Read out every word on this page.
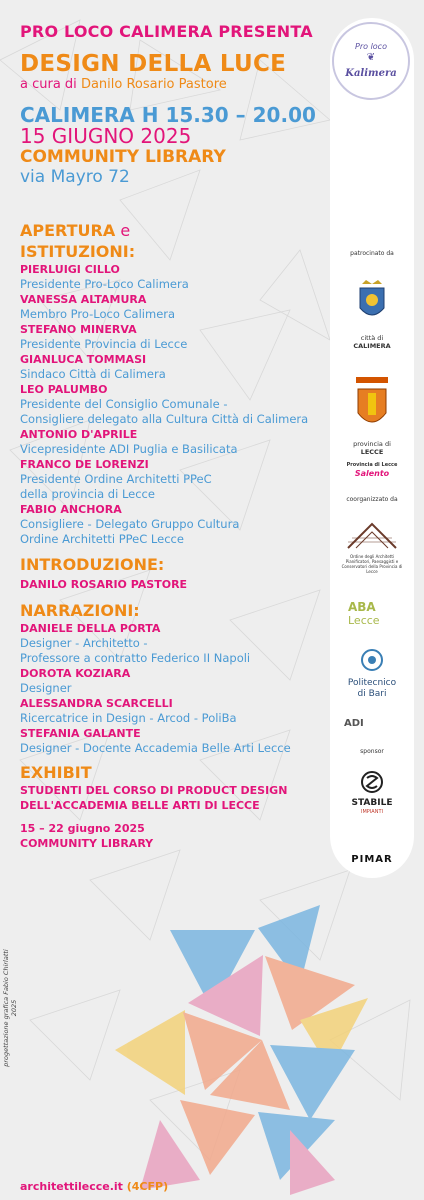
PRO LOCO CALIMERA PRESENTA
DESIGN DELLA LUCE
a cura di Danilo Rosario Pastore
CALIMERA H 15.30 – 20.00
15 GIUGNO 2025
COMMUNITY LIBRARY
via Mayro 72
APERTURA e
ISTITUZIONI:
PIERLUIGI CILLO
Presidente Pro-Loco Calimera
VANESSA ALTAMURA
Membro Pro-Loco Calimera
STEFANO MINERVA
Presidente Provincia di Lecce
GIANLUCA TOMMASI
Sindaco Città di Calimera
LEO PALUMBO
Presidente del Consiglio Comunale -
Consigliere delegato alla Cultura Città di Calimera
ANTONIO D'APRILE
Vicepresidente ADI Puglia e Basilicata
FRANCO DE LORENZI
Presidente Ordine Architetti PPeC
della provincia di Lecce
FABIO ANCHORA
Consigliere - Delegato Gruppo Cultura
Ordine Architetti PPeC Lecce
INTRODUZIONE:
DANILO ROSARIO PASTORE
NARRAZIONI:
DANIELE DELLA PORTA
Designer - Architetto -
Professore a contratto Federico II Napoli
DOROTA KOZIARA
Designer
ALESSANDRA SCARCELLI
Ricercatrice in Design - Arcod - PoliBa
STEFANIA GALANTE
Designer - Docente Accademia Belle Arti Lecce
EXHIBIT
STUDENTI DEL CORSO DI PRODUCT DESIGN
DELL'ACCADEMIA BELLE ARTI DI LECCE
15 – 22 giugno 2025
COMMUNITY LIBRARY
Pro loco
❦
Kalimera
patrocinato da
città di
CALIMERA
provincia di
LECCE
Provincia di Lecce
Salento
coorganizzato da
Ordine degli Architetti Pianificatori, Paesaggisti e Conservatori della Provincia di Lecce
ABA
Lecce
Politecnico
di Bari
ADI
sponsor
STABILE
IMPIANTI
PIMAR
progettazione grafica Fabio Chirlatti 2025
architettilecce.it (4CFP)
